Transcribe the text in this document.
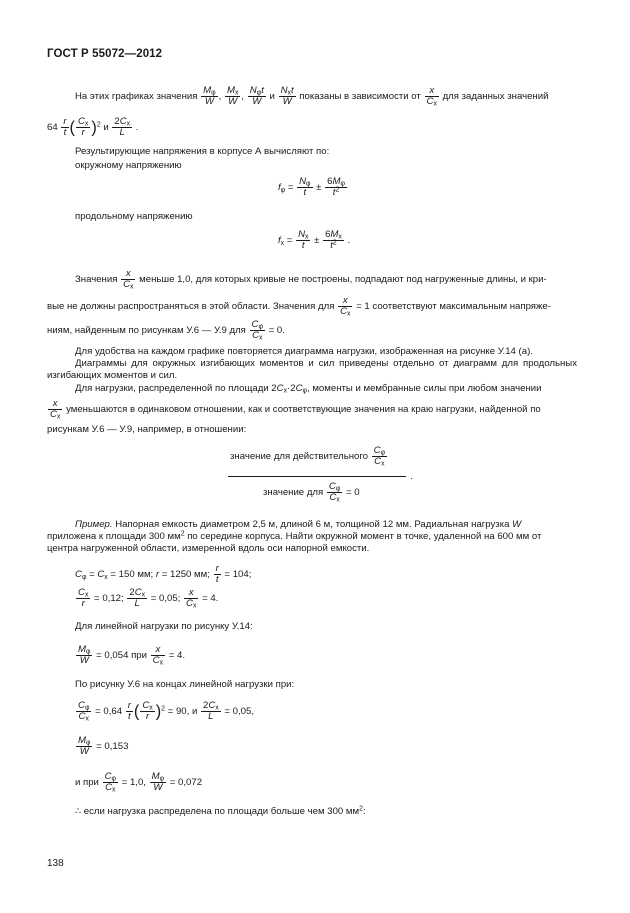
ГОСТ Р 55072—2012
На этих графиках значения $\frac{M_\varphi}{W}$ , $\frac{M_x}{W}$ , $\frac{N_\varphi t}{W}$ и $\frac{N_xt}{W}$ показаны в зависимости от $\frac{x}{C_x}$ для заданных значений
$64 \frac{r}{t}$ ( $\frac{C_x}{r} )^2$ и $\frac{2C_x}{L}$ .
Результирующие напряжения в корпусе А вычисляют по:
окружному напряжению
$f_\varphi = \frac{N_\varphi}{t} \pm \frac{6M_\varphi}{t^2}$
продольному напряжению
$f_x = \frac{N_x}{t} \pm \frac{6M_x}{t^2}$ .
Значения $\frac{x}{C_x}$ меньше 1,0, для которых кривые не построены, подпадают под нагруженные длины, и кри-
вые не должны распространяться в этой области. Значения для $\frac{x}{C_x} = 1$ соответствуют максимальным напряже-
ниям, найденным по рисункам У.6 — У.9 для $\frac{C_\varphi}{C_x} = 0$.
Для удобства на каждом графике повторяется диаграмма нагрузки, изображенная на рисунке У.14 (а).
Диаграммы для окружных изгибающих моментов и сил приведены отдельно от диаграмм для продольных изгибающих моментов и сил.
Для нагрузки, распределенной по площади $2C_x\cdot 2C_\varphi$, моменты и мембранные силы при любом значении
$\frac{x}{C_x}$ уменьшаются в одинаковом отношении, как и соответствующие значения на краю нагрузки, найденной по
рисункам У.6 — У.9, например, в отношении:
значение для действительного $\frac{C_\varphi}{C_x}$
.
значение для $\frac{C_\varphi}{C_x} = 0$
Пример. Напорная емкость диаметром 2,5 м, длиной 6 м, толщиной 12 мм. Радиальная нагрузка W
приложена к площади 300 $мм^2$ по середине корпуса. Найти окружной момент в точке, удаленной на 600 мм от
центра нагруженной области, измеренной вдоль оси напорной емкости.
$C_\varphi = C_x = 150$ мм; r = 1250 мм; $\frac{r}{t} = 104$;
$\frac{C_x}{r} = 0,12$; $\frac{2C_x}{L} = 0,05$; $\frac{x}{C_x} = 4$.
Для линейной нагрузки по рисунку У.14:
$\frac{M_\varphi}{W} = 0,054$ при $\frac{x}{C_x} = 4$.
По рисунку У.6 на концах линейной нагрузки при:
$\frac{C_\varphi}{C_x} = 0,64 \frac{r}{t}$ ( $\frac{C_x}{r} )^2 = 90$, и $\frac{2C_x}{L} = 0,05$,
$\frac{M_\varphi}{W} = 0,153$
и при $\frac{C_\varphi}{C_x} = 1,0$, $\frac{M_\varphi}{W} = 0,072$
∴ если нагрузка распределена по площади больше чем 300 $мм^2$:
138
